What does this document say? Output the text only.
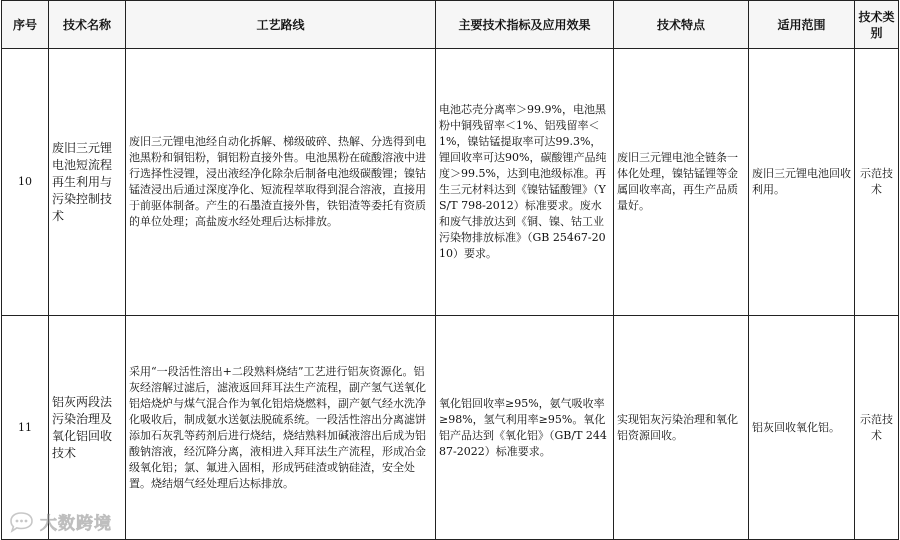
序号	技术名称	工艺路线	主要技术指标及应用效果	技术特点	适用范围	技术类别
10	废旧三元锂电池短流程再生利用与污染控制技术	废旧三元锂电池经自动化拆解、梯级破碎、热解、分选得到电池黑粉和铜铝粉，铜铝粉直接外售。电池黑粉在硫酸溶液中进行选择性浸锂，浸出液经净化除杂后制备电池级碳酸锂；镍钴锰渣浸出后通过深度净化、短流程萃取得到混合溶液，直接用于前驱体制备。产生的石墨渣直接外售，铁铝渣等委托有资质的单位处理；高盐废水经处理后达标排放。	电池芯壳分离率＞99.9%，电池黑粉中铜残留率＜1%、铝残留率＜1%，镍钴锰提取率可达99.3%，锂回收率可达90%，碳酸锂产品纯度＞99.5%，达到电池级标准。再生三元材料达到《镍钴锰酸锂》（YS/T 798-2012）标准要求。废水和废气排放达到《铜、镍、钴工业污染物排放标准》（GB 25467-2010）要求。	废旧三元锂电池全链条一体化处理，镍钴锰锂等金属回收率高，再生产品质量好。	废旧三元锂电池回收利用。	示范技术
11	铝灰两段法污染治理及氧化铝回收技术	采用“一段活性溶出+二段熟料烧结”工艺进行铝灰资源化。铝灰经溶解过滤后，滤液返回拜耳法生产流程，副产氢气送氧化铝焙烧炉与煤气混合作为氧化铝焙烧燃料，副产氨气经水洗净化吸收后，制成氨水送氨法脱硫系统。一段活性溶出分离滤饼添加石灰乳等药剂后进行烧结，烧结熟料加碱液溶出后成为铝酸钠溶液，经沉降分离，液相进入拜耳法生产流程，形成冶金级氧化铝；氯、氟进入固相，形成钙硅渣或钠硅渣，安全处置。烧结烟气经处理后达标排放。	氧化铝回收率≥95%，氨气吸收率≥98%，氢气利用率≥95%。氧化铝产品达到《氧化铝》（GB/T 24487-2022）标准要求。	实现铝灰污染治理和氧化铝资源回收。	铝灰回收氧化铝。	示范技术
大数跨境
